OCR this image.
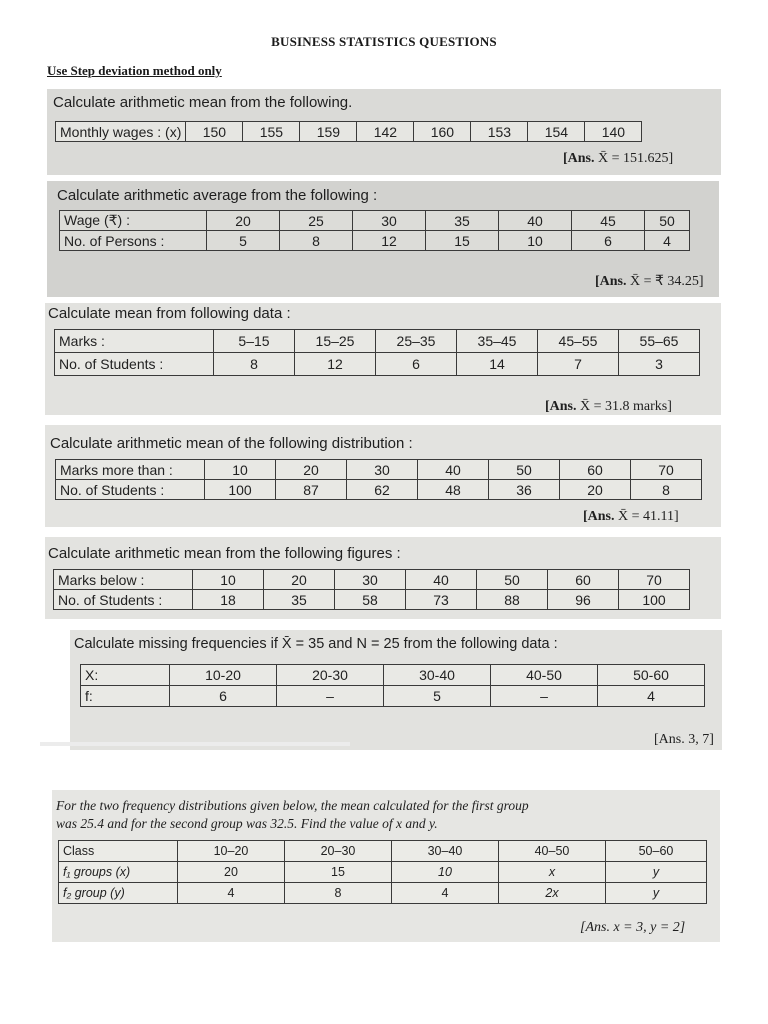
BUSINESS STATISTICS QUESTIONS
Use Step deviation method only
Calculate arithmetic mean from the following.
Monthly wages : (x)	150	155	159	142	160	153	154	140
[Ans. X̄ = 151.625]
Calculate arithmetic average from the following :
Wage (₹) :	20	25	30	35	40	45	50
No. of Persons :	5	8	12	15	10	6	4
[Ans. X̄ = ₹ 34.25]
Calculate mean from following data :
Marks :	5–15	15–25	25–35	35–45	45–55	55–65
No. of Students :	8	12	6	14	7	3
[Ans. X̄ = 31.8 marks]
Calculate arithmetic mean of the following distribution :
Marks more than :	10	20	30	40	50	60	70
No. of Students :	100	87	62	48	36	20	8
[Ans. X̄ = 41.11]
Calculate arithmetic mean from the following figures :
Marks below :	10	20	30	40	50	60	70
No. of Students :	18	35	58	73	88	96	100
Calculate missing frequencies if X̄ = 35 and N = 25 from the following data :
X:	10-20	20-30	30-40	40-50	50-60
f:	6	–	5	–	4
[Ans. 3, 7]
For the two frequency distributions given below, the mean calculated for the first group
was 25.4 and for the second group was 32.5. Find the value of x and y.
Class	10–20	20–30	30–40	40–50	50–60
f₁ groups (x)	20	15	10	x	y
f₂ group (y)	4	8	4	2x	y
[Ans. x = 3, y = 2]
